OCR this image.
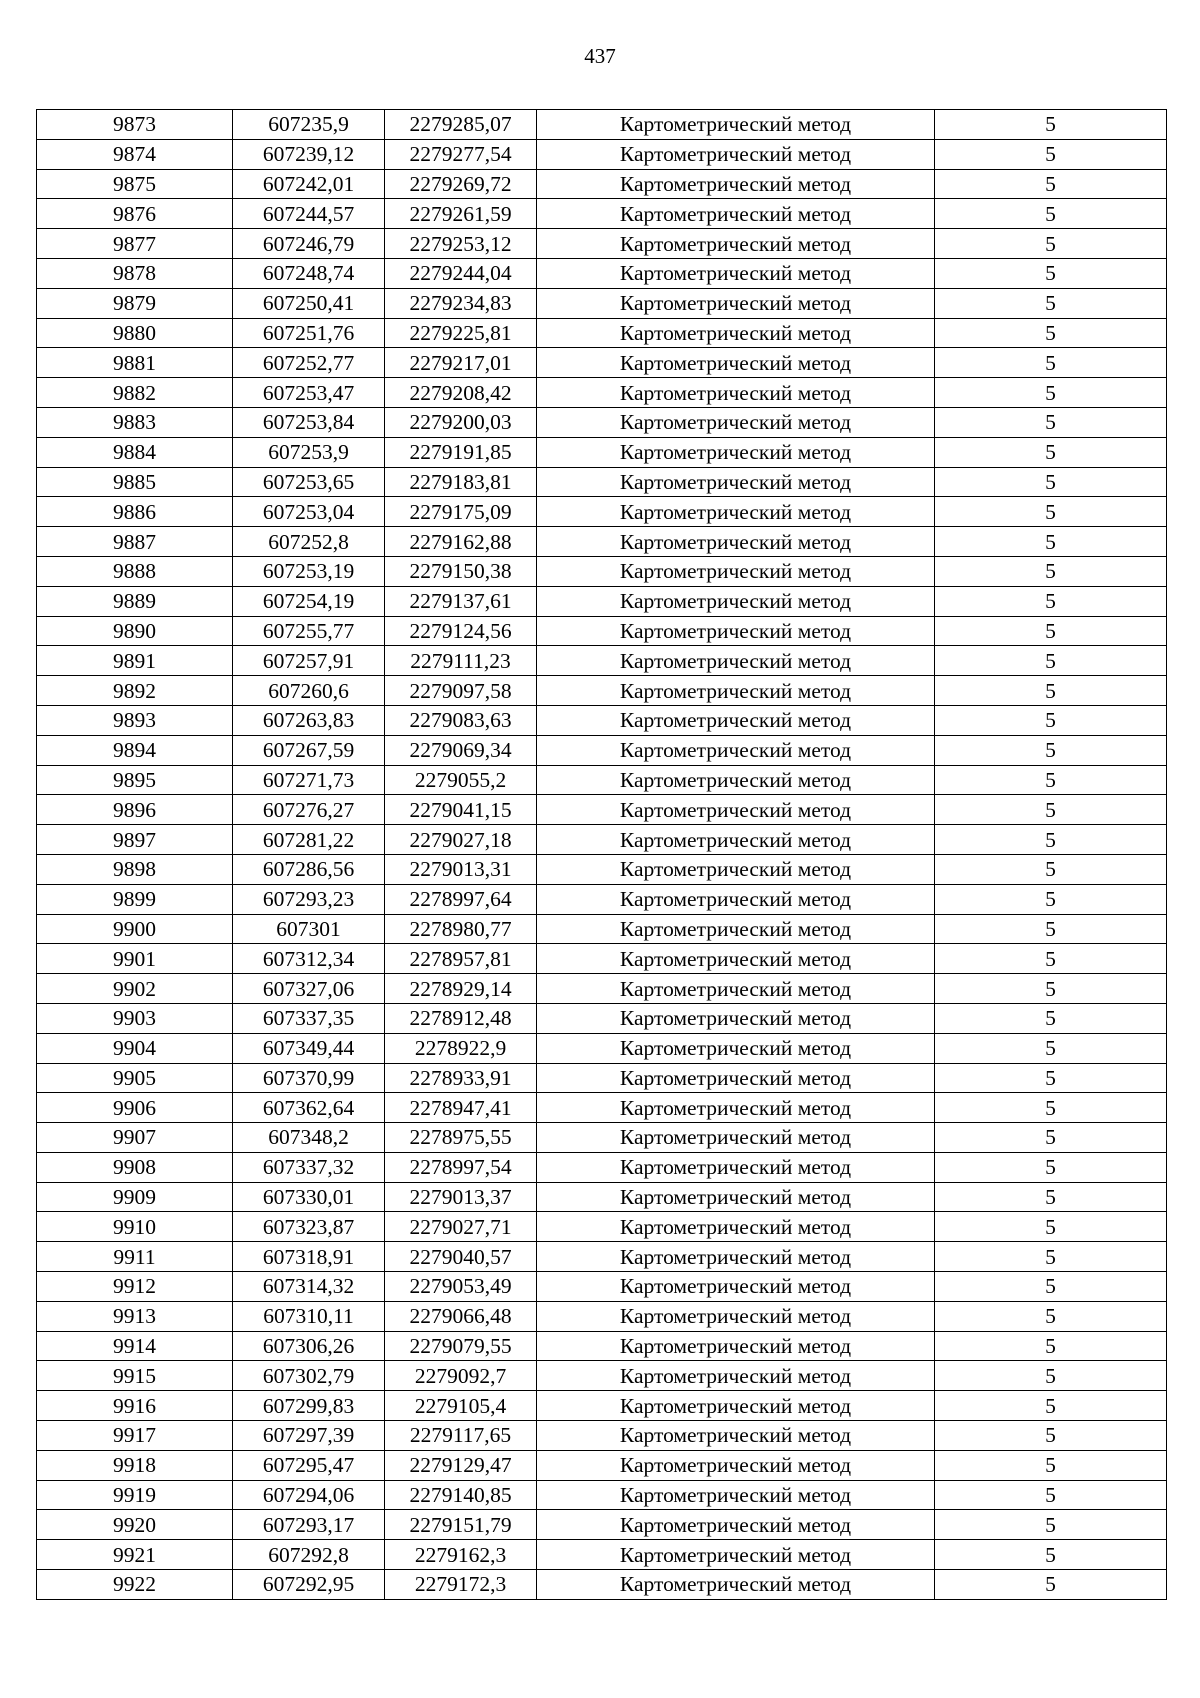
437
9873	607235,9	2279285,07	Картометрический метод	5
9874	607239,12	2279277,54	Картометрический метод	5
9875	607242,01	2279269,72	Картометрический метод	5
9876	607244,57	2279261,59	Картометрический метод	5
9877	607246,79	2279253,12	Картометрический метод	5
9878	607248,74	2279244,04	Картометрический метод	5
9879	607250,41	2279234,83	Картометрический метод	5
9880	607251,76	2279225,81	Картометрический метод	5
9881	607252,77	2279217,01	Картометрический метод	5
9882	607253,47	2279208,42	Картометрический метод	5
9883	607253,84	2279200,03	Картометрический метод	5
9884	607253,9	2279191,85	Картометрический метод	5
9885	607253,65	2279183,81	Картометрический метод	5
9886	607253,04	2279175,09	Картометрический метод	5
9887	607252,8	2279162,88	Картометрический метод	5
9888	607253,19	2279150,38	Картометрический метод	5
9889	607254,19	2279137,61	Картометрический метод	5
9890	607255,77	2279124,56	Картометрический метод	5
9891	607257,91	2279111,23	Картометрический метод	5
9892	607260,6	2279097,58	Картометрический метод	5
9893	607263,83	2279083,63	Картометрический метод	5
9894	607267,59	2279069,34	Картометрический метод	5
9895	607271,73	2279055,2	Картометрический метод	5
9896	607276,27	2279041,15	Картометрический метод	5
9897	607281,22	2279027,18	Картометрический метод	5
9898	607286,56	2279013,31	Картометрический метод	5
9899	607293,23	2278997,64	Картометрический метод	5
9900	607301	2278980,77	Картометрический метод	5
9901	607312,34	2278957,81	Картометрический метод	5
9902	607327,06	2278929,14	Картометрический метод	5
9903	607337,35	2278912,48	Картометрический метод	5
9904	607349,44	2278922,9	Картометрический метод	5
9905	607370,99	2278933,91	Картометрический метод	5
9906	607362,64	2278947,41	Картометрический метод	5
9907	607348,2	2278975,55	Картометрический метод	5
9908	607337,32	2278997,54	Картометрический метод	5
9909	607330,01	2279013,37	Картометрический метод	5
9910	607323,87	2279027,71	Картометрический метод	5
9911	607318,91	2279040,57	Картометрический метод	5
9912	607314,32	2279053,49	Картометрический метод	5
9913	607310,11	2279066,48	Картометрический метод	5
9914	607306,26	2279079,55	Картометрический метод	5
9915	607302,79	2279092,7	Картометрический метод	5
9916	607299,83	2279105,4	Картометрический метод	5
9917	607297,39	2279117,65	Картометрический метод	5
9918	607295,47	2279129,47	Картометрический метод	5
9919	607294,06	2279140,85	Картометрический метод	5
9920	607293,17	2279151,79	Картометрический метод	5
9921	607292,8	2279162,3	Картометрический метод	5
9922	607292,95	2279172,3	Картометрический метод	5
